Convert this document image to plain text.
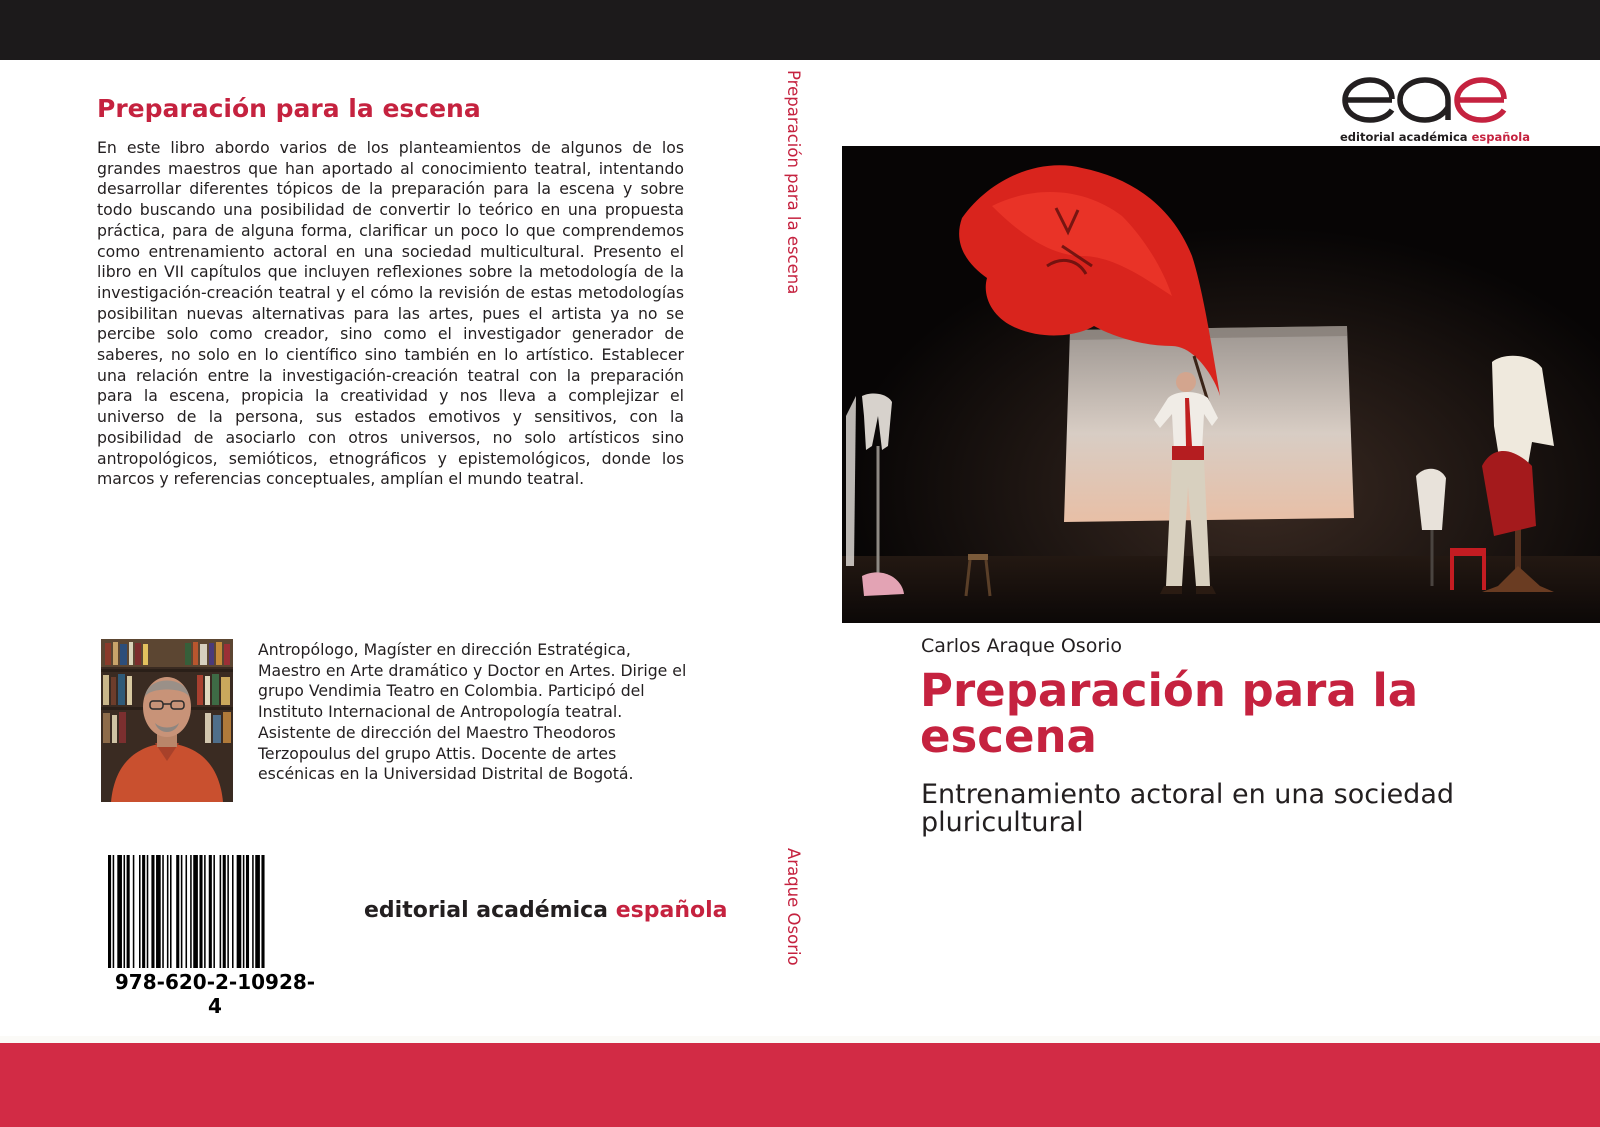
Preparación para la escena

En este libro abordo varios de los planteamientos de algunos de los grandes maestros que han aportado al conocimiento teatral, intentando desarrollar diferentes tópicos de la preparación para la escena y sobre todo buscando una posibilidad de convertir lo teórico en una propuesta práctica, para de alguna forma, clarificar un poco lo que comprendemos como entrenamiento actoral en una sociedad multicultural. Presento el libro en VII capítulos que incluyen reflexiones sobre la metodología de la investigación-creación teatral y el cómo la revisión de estas metodologías posibilitan nuevas alternativas para las artes, pues el artista ya no se percibe solo como creador, sino como el investigador generador de saberes, no solo en lo científico sino también en lo artístico. Establecer una relación entre la investigación-creación teatral con la preparación para la escena, propicia la creatividad y nos lleva a complejizar el universo de la persona, sus estados emotivos y sensitivos, con la posibilidad de asociarlo con otros universos, no solo artísticos sino antropológicos, semióticos, etnográficos y epistemológicos, donde los marcos y referencias conceptuales, amplían el mundo teatral.

Antropólogo, Magíster en dirección Estratégica, Maestro en Arte dramático y Doctor en Artes. Dirige el grupo Vendimia Teatro en Colombia. Participó del Instituto Internacional de Antropología teatral. Asistente de dirección del Maestro Theodoros Terzopoulus del grupo Attis. Docente de artes escénicas en la Universidad Distrital de Bogotá.

978-620-2-10928-4
editorial académica española
Preparación para la escena
Araque Osorio
editorial académica española
Carlos Araque Osorio
Preparación para la escena
Entrenamiento actoral en una sociedad pluricultural
